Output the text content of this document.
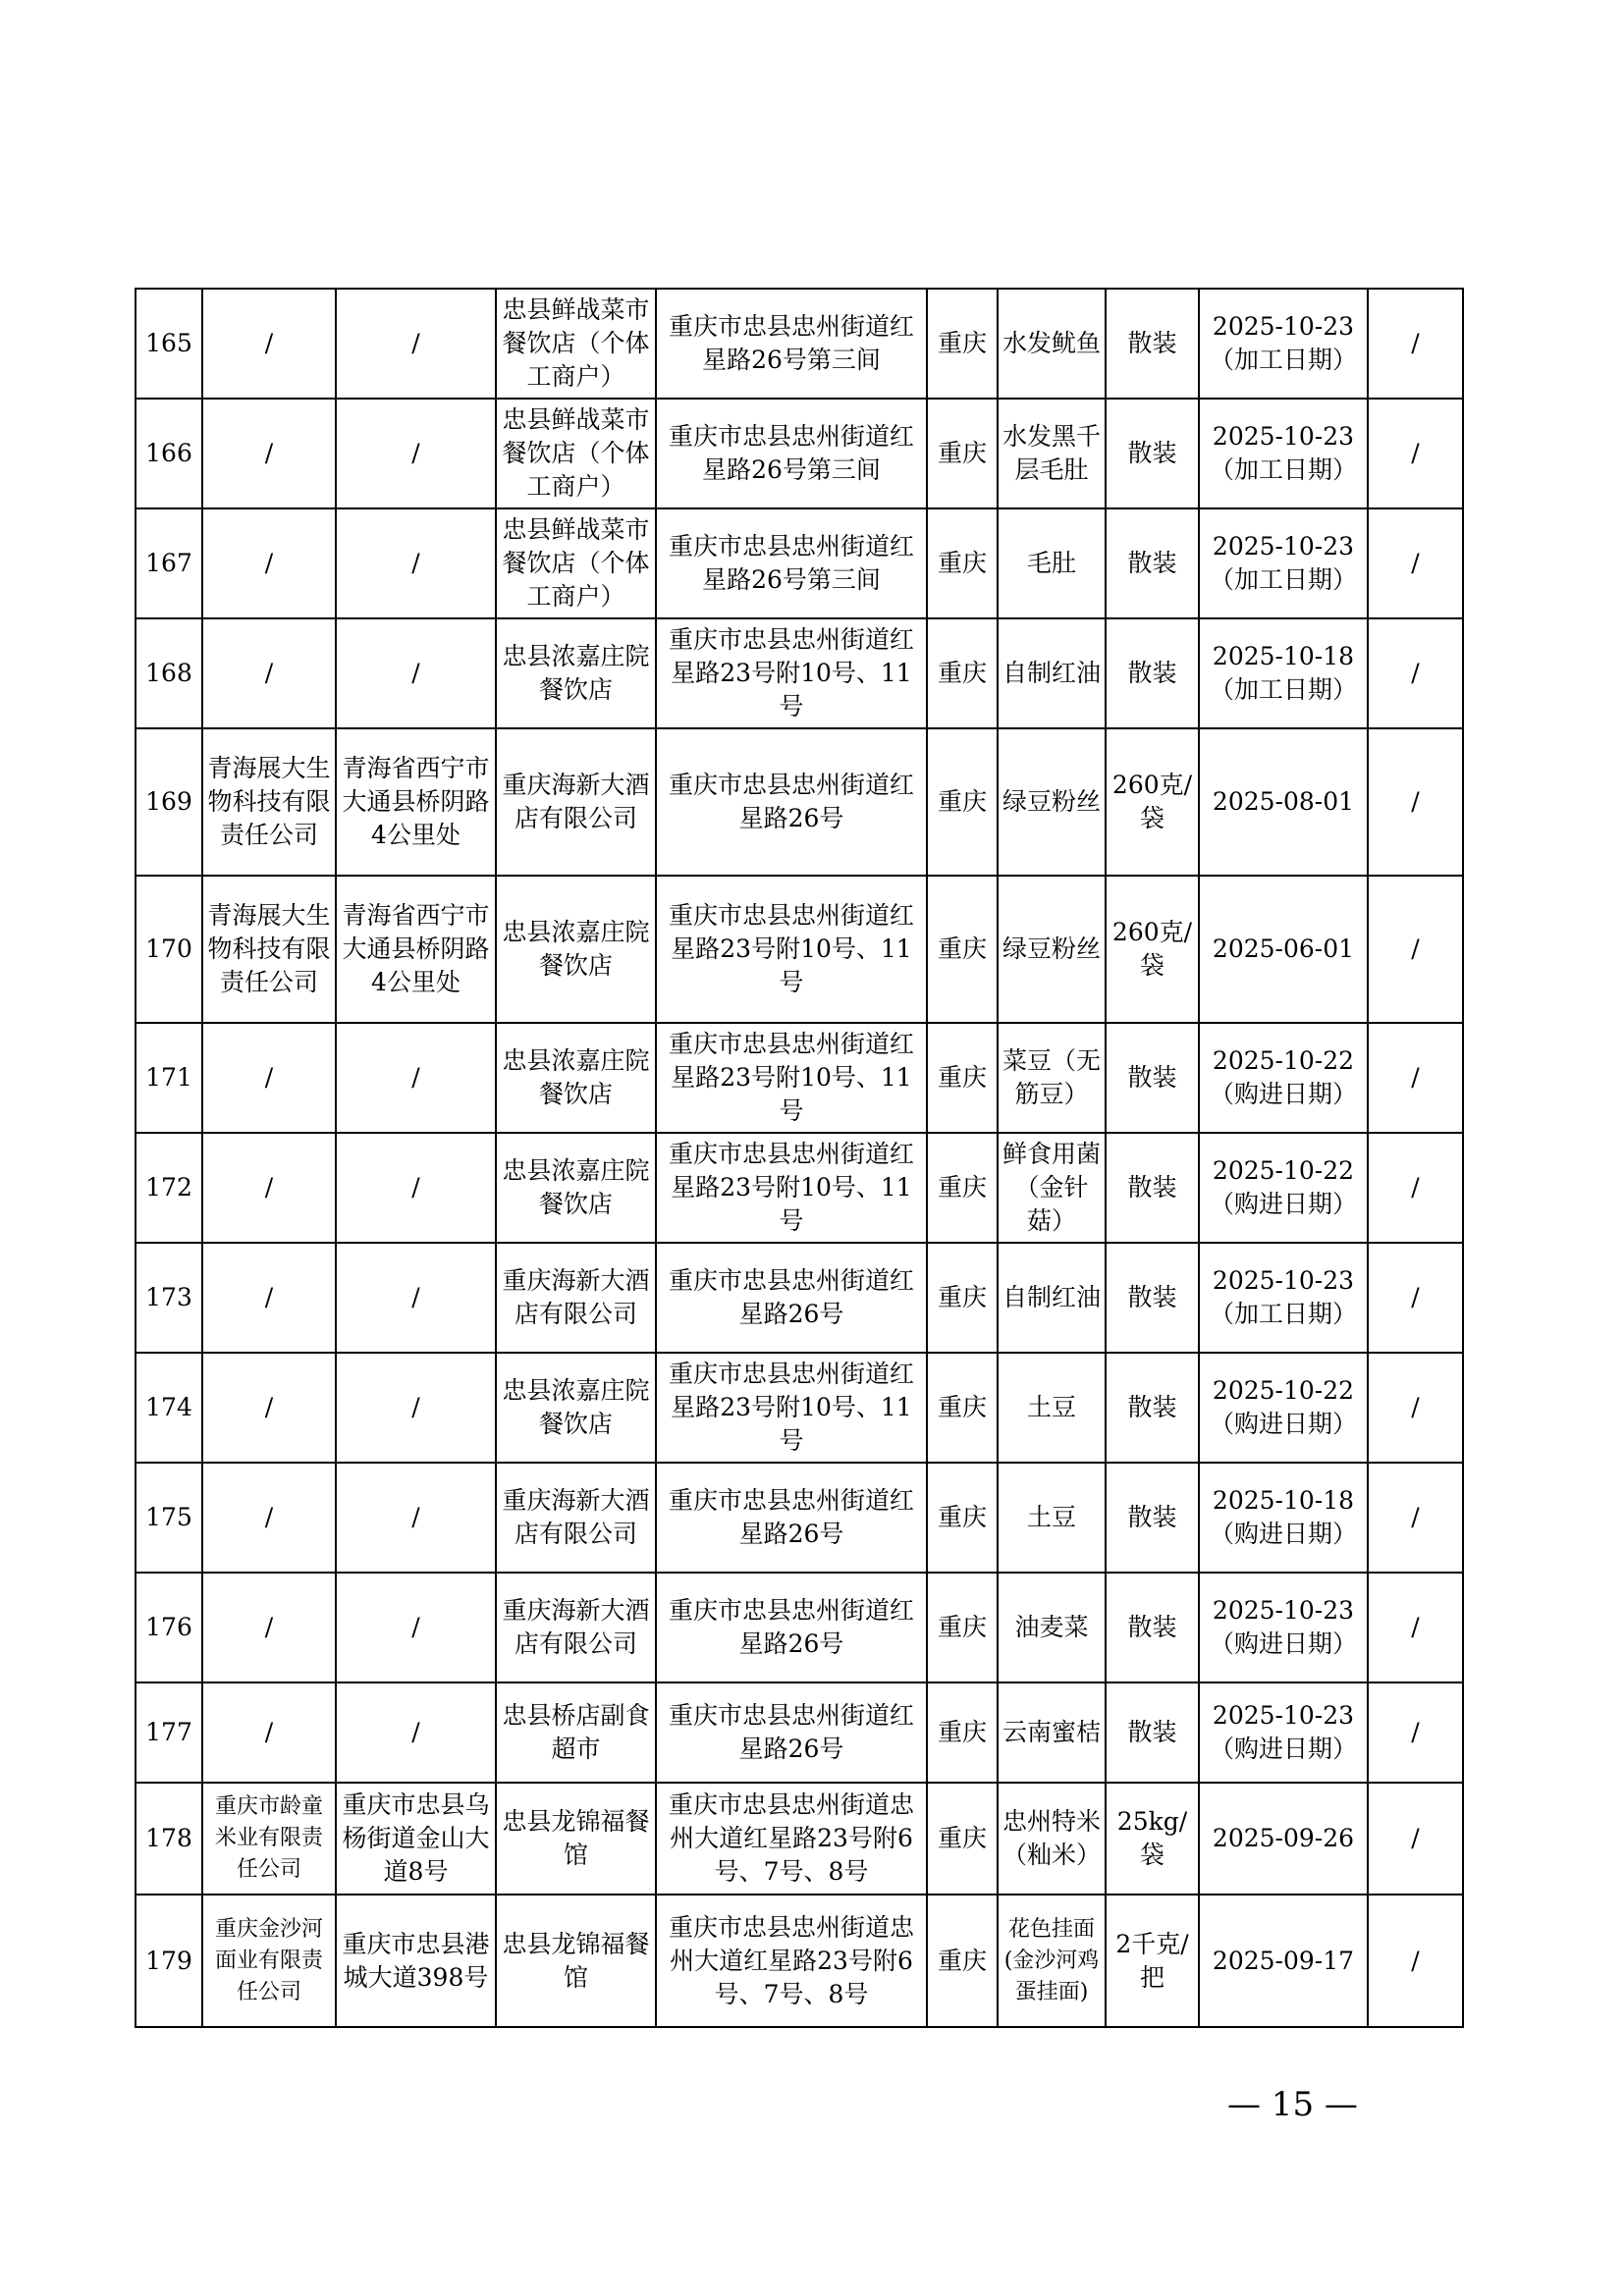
165	/	/	忠县鲜战菜市餐饮店（个体工商户）	重庆市忠县忠州街道红星路26号第三间	重庆	水发鱿鱼	散装	2025-10-23（加工日期）	/
166	/	/	忠县鲜战菜市餐饮店（个体工商户）	重庆市忠县忠州街道红星路26号第三间	重庆	水发黑千层毛肚	散装	2025-10-23（加工日期）	/
167	/	/	忠县鲜战菜市餐饮店（个体工商户）	重庆市忠县忠州街道红星路26号第三间	重庆	毛肚	散装	2025-10-23（加工日期）	/
168	/	/	忠县浓嘉庄院餐饮店	重庆市忠县忠州街道红星路23号附10号、11号	重庆	自制红油	散装	2025-10-18（加工日期）	/
169	青海展大生物科技有限责任公司	青海省西宁市大通县桥阴路4公里处	重庆海新大酒店有限公司	重庆市忠县忠州街道红星路26号	重庆	绿豆粉丝	260克/袋	2025-08-01	/
170	青海展大生物科技有限责任公司	青海省西宁市大通县桥阴路4公里处	忠县浓嘉庄院餐饮店	重庆市忠县忠州街道红星路23号附10号、11号	重庆	绿豆粉丝	260克/袋	2025-06-01	/
171	/	/	忠县浓嘉庄院餐饮店	重庆市忠县忠州街道红星路23号附10号、11号	重庆	菜豆（无筋豆）	散装	2025-10-22（购进日期）	/
172	/	/	忠县浓嘉庄院餐饮店	重庆市忠县忠州街道红星路23号附10号、11号	重庆	鲜食用菌（金针菇）	散装	2025-10-22（购进日期）	/
173	/	/	重庆海新大酒店有限公司	重庆市忠县忠州街道红星路26号	重庆	自制红油	散装	2025-10-23（加工日期）	/
174	/	/	忠县浓嘉庄院餐饮店	重庆市忠县忠州街道红星路23号附10号、11号	重庆	土豆	散装	2025-10-22（购进日期）	/
175	/	/	重庆海新大酒店有限公司	重庆市忠县忠州街道红星路26号	重庆	土豆	散装	2025-10-18（购进日期）	/
176	/	/	重庆海新大酒店有限公司	重庆市忠县忠州街道红星路26号	重庆	油麦菜	散装	2025-10-23（购进日期）	/
177	/	/	忠县桥店副食超市	重庆市忠县忠州街道红星路26号	重庆	云南蜜桔	散装	2025-10-23（购进日期）	/
178	重庆市龄童米业有限责任公司	重庆市忠县乌杨街道金山大道8号	忠县龙锦福餐馆	重庆市忠县忠州街道忠州大道红星路23号附6号、7号、8号	重庆	忠州特米（籼米）	25kg/袋	2025-09-26	/
179	重庆金沙河面业有限责任公司	重庆市忠县港城大道398号	忠县龙锦福餐馆	重庆市忠县忠州街道忠州大道红星路23号附6号、7号、8号	重庆	花色挂面(金沙河鸡蛋挂面)	2千克/把	2025-09-17	/
— 15 —
